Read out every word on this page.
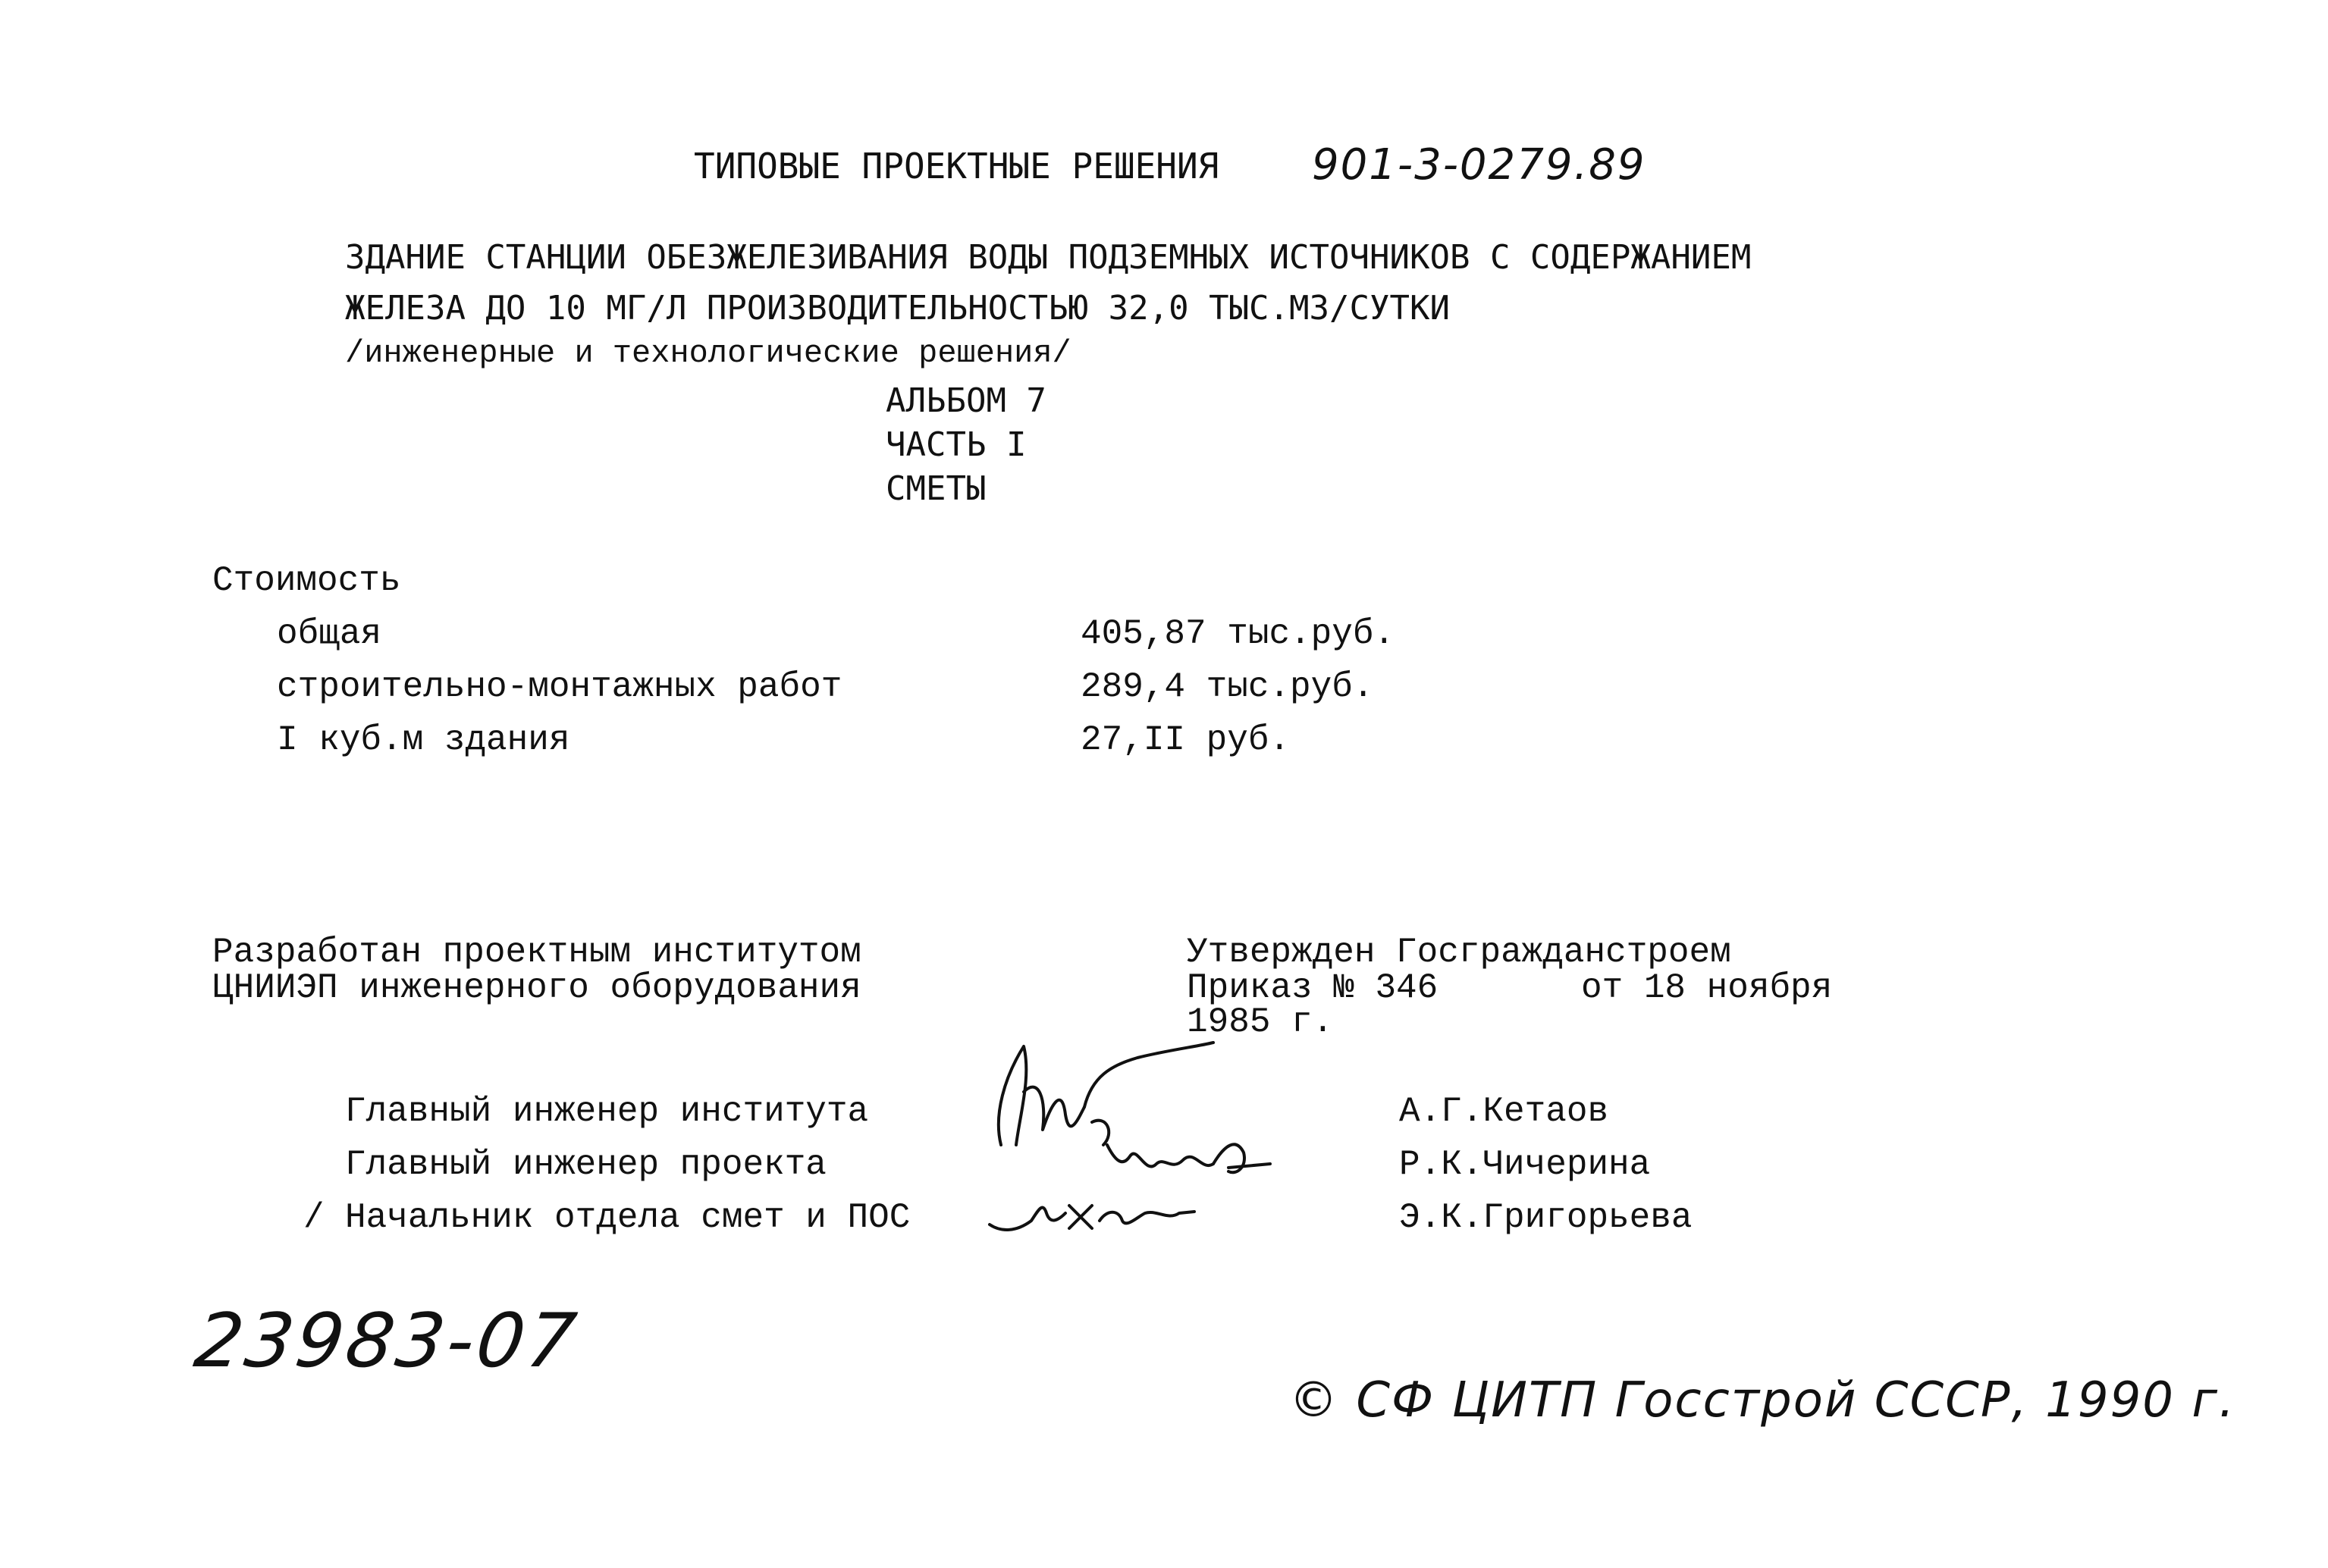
ТИПОВЫЕ ПРОЕКТНЫЕ РЕШЕНИЯ 901-3-0279.89
ЗДАНИЕ СТАНЦИИ ОБЕЗЖЕЛЕЗИВАНИЯ ВОДЫ ПОДЗЕМНЫХ ИСТОЧНИКОВ С СОДЕРЖАНИЕМ
ЖЕЛЕЗА ДО 10 МГ/Л ПРОИЗВОДИТЕЛЬНОСТЬЮ 32,0 ТЫС.М3/СУТКИ
/инженерные и технологические решения/
АЛЬБОМ 7
ЧАСТЬ I
СМЕТЫ
Стоимость
общая	405,87 тыс.руб.
строительно-монтажных работ	289,4 тыс.руб.
I куб.м здания	27,II руб.
Разработан проектным институтом
ЦНИИЭП инженерного оборудования
Утвержден Госгражданстроем
Приказ № 346	от 18 ноября
1985 г.
Главный инженер института	А.Г.Кетаов
Главный инженер проекта	Р.К.Чичерина
/ Начальник отдела смет и ПОС	Э.К.Григорьева
23983-07
© СФ ЦИТП Госстрой СССР, 1990 г.
